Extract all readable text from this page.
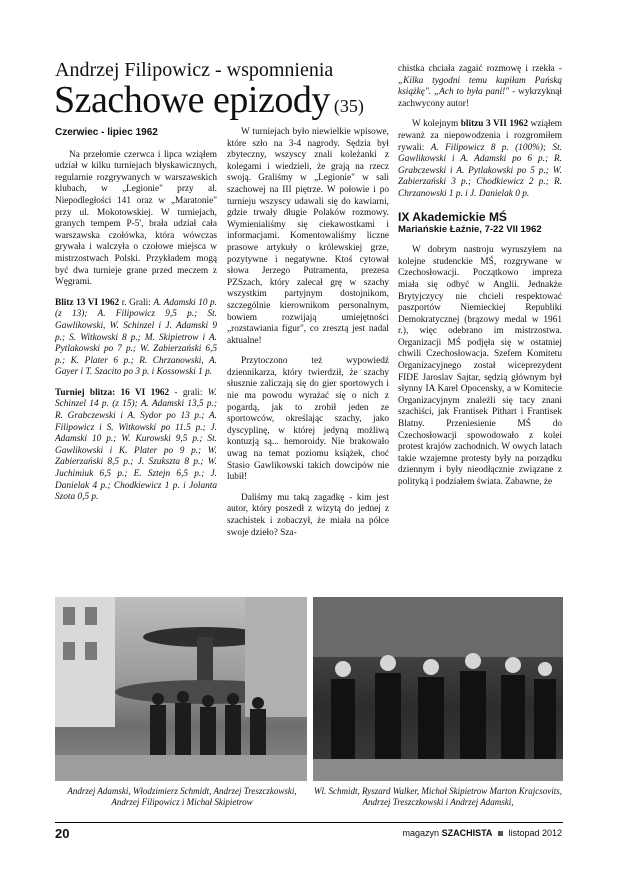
Andrzej Filipowicz - wspomnienia
Szachowe epizody (35)

Czerwiec - lipiec 1962

Na przełomie czerwca i lipca wziąłem udział w kilku turniejach błyskawicznych, regularnie rozgrywanych w warszawskich klubach, w „Legionie" przy al. Niepodległości 141 oraz w „Maratonie" przy ul. Mokotowskiej. W turniejach, granych tempem P-5', brała udział cała warszawska czołówka, która wówczas grywała i walczyła o czołowe miejsca w mistrzostwach Polski. Przykładem mogą być dwa turnieje grane przed meczem z Węgrami.

Blitz 13 VI 1962 r. Grali: A. Adamski 10 p. (z 13); A. Filipowicz 9,5 p.; St. Gawlikowski, W. Schinzel i J. Adamski 9 p.; S. Witkowski 8 p.; M. Skipietrow i A. Pytlakowski po 7 p.; W. Zabierzański 6,5 p.; K. Plater 6 p.; R. Chrzanowski, A. Gayer i T. Szacito po 3 p. i Kossowski 1 p.

Turniej blitza: 16 VI 1962 - grali: W. Schinzel 14 p. (z 15); A. Adamski 13,5 p.; R. Grabczewski i A. Sydor po 13 p.; A. Filipowicz i S. Witkowski po 11.5 p.; J. Adamski 10 p.; W. Kurowski 9,5 p.; St. Gawlikowski i K. Plater po 9 p.; W. Zabierzański 8,5 p.; J. Szukszta 8 p.; W. Juchimiuk 6,5 p.; E. Sztejn 6,5 p.; J. Danielak 4 p.; Chodkiewicz 1 p. i Jolanta Szota 0,5 p.

W turniejach było niewielkie wpisowe, które szło na 3-4 nagrody. Sędzia był zbyteczny, wszyscy znali koleżanki z kolegami i wiedzieli, że grają na rzecz swoją. Graliśmy w „Legionie" w sali szachowej na III piętrze. W połowie i po turnieju wszyscy udawali się do kawiarni, gdzie trwały długie Polaków rozmowy. Wymienialiśmy się ciekawostkami i informacjami. Komentowaliśmy liczne prasowe artykuły o królewskiej grze, pozytywne i negatywne. Ktoś cytował słowa Jerzego Putramenta, prezesa PZSzach, który zalecał grę w szachy wszystkim partyjnym dostojnikom, szczególnie kierownikom personalnym, bowiem rozwijają umiejętności „rozstawiania figur", co zresztą jest nadal aktualne!

Przytoczono też wypowiedź dziennikarza, który twierdził, że szachy słusznie zaliczają się do gier sportowych i nie ma powodu wyrażać się o nich z pogardą, jak to zrobił jeden ze sportowców, określając szachy, jako dyscyplinę, w której jedyną możliwą kontuzją są... hemoroidy. Nie brakowało uwag na temat poziomu książek, choć Stasio Gawlikowski takich dowcipów nie lubił!

Daliśmy mu taką zagadkę - kim jest autor, który poszedł z wizytą do jednej z szachistek i zobaczył, że miała na półce swoje dzieło? Sza-

chistka chciała zagaić rozmowę i rzekła - „Kilka tygodni temu kupiłam Pańską książkę". „Ach to była pani!" - wykrzyknął zachwycony autor!

W kolejnym blitzu 3 VII 1962 wziąłem rewanż za niepowodzenia i rozgromiłem rywali: A. Filipowicz 8 p. (100%); St. Gawlikowski i A. Adamski po 6 p.; R. Grabczewski i A. Pytlakowski po 5 p.; W. Zabierzański 3 p.; Chodkiewicz 2 p.; R. Chrzanowski 1 p. i J. Danielak 0 p.

IX Akademickie MŚ

Mariańskie Łaźnie, 7-22 VII 1962

W dobrym nastroju wyruszyłem na kolejne studenckie MŚ, rozgrywane w Czechosłowacji. Początkowo impreza miała się odbyć w Anglii. Jednakże Brytyjczycy nie chcieli respektować paszportów Niemieckiej Republiki Demokratycznej (brązowy medal w 1961 r.), więc odebrano im mistrzostwa. Organizacji MŚ podjęła się w ostatniej chwili Czechosłowacja. Szefem Komitetu Organizacyjnego został wiceprezydent FIDE Jaroslav Sajtar, sędzią głównym był słynny IA Karel Opocensky, a w Komitecie Organizacyjnym znaleźli się tacy znani szachiści, jak Frantisek Pithart i Frantisek Blatny. Przeniesienie MŚ do Czechosłowacji spowodowało z kolei protest krajów zachodnich. W owych latach takie wzajemne protesty były na porządku dziennym i były nieodłącznie związane z polityką i podziałem świata. Zabawne, że

Andrzej Adamski, Włodzimierz Schmidt, Andrzej Treszczkowski, Andrzej Filipowicz i Michał Skipietrow
Wl. Schmidt, Ryszard Walker, Michał Skipietrow Marton Krajcsovits, Andrzej Treszczkowski i Andrzej Adamski,
20	magazyn SZACHISTA listopad 2012
